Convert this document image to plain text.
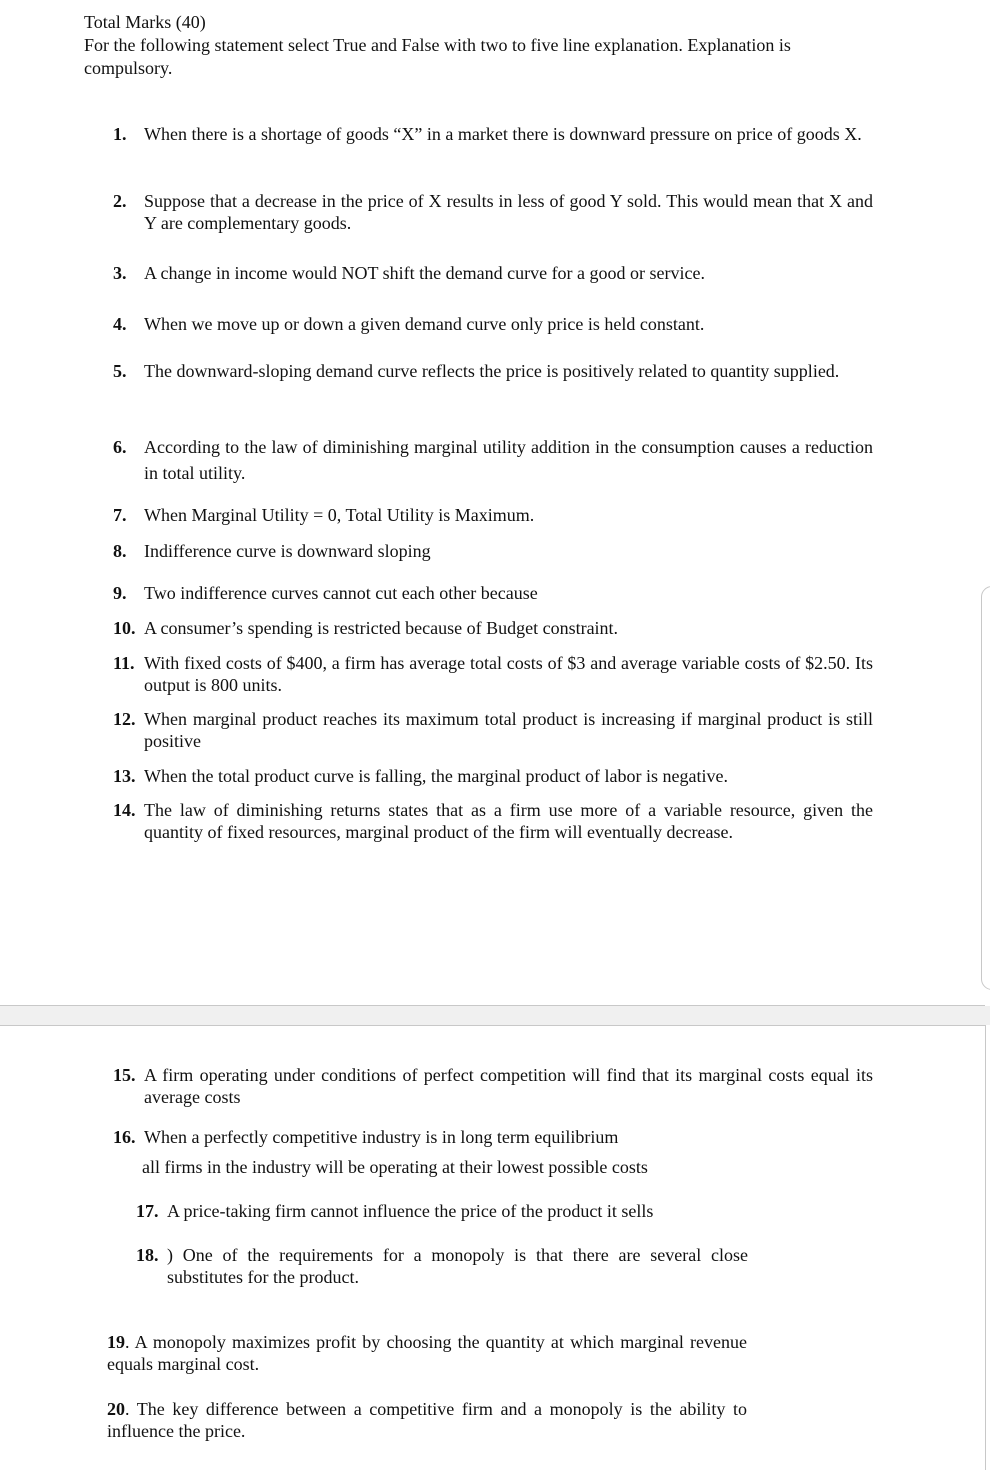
Total Marks (40)
For the following statement select True and False with two to five line explanation. Explanation is compulsory.
1. When there is a shortage of goods “X” in a market there is downward pressure on price of goods X.
2. Suppose that a decrease in the price of X results in less of good Y sold. This would mean that X and Y are complementary goods.
3. A change in income would NOT shift the demand curve for a good or service.
4. When we move up or down a given demand curve only price is held constant.
5. The downward-sloping demand curve reflects the price is positively related to quantity supplied.
6. According to the law of diminishing marginal utility addition in the consumption causes a reduction in total utility.
7. When Marginal Utility = 0, Total Utility is Maximum.
8. Indifference curve is downward sloping
9. Two indifference curves cannot cut each other because
10. A consumer’s spending is restricted because of Budget constraint.
11. With fixed costs of $400, a firm has average total costs of $3 and average variable costs of $2.50. Its output is 800 units.
12. When marginal product reaches its maximum total product is increasing if marginal product is still positive
13. When the total product curve is falling, the marginal product of labor is negative.
14. The law of diminishing returns states that as a firm use more of a variable resource, given the quantity of fixed resources, marginal product of the firm will eventually decrease.
15. A firm operating under conditions of perfect competition will find that its marginal costs equal its average costs
16. When a perfectly competitive industry is in long term equilibrium
all firms in the industry will be operating at their lowest possible costs
17. A price-taking firm cannot influence the price of the product it sells
18. ) One of the requirements for a monopoly is that there are several close substitutes for the product.
19. A monopoly maximizes profit by choosing the quantity at which marginal revenue equals marginal cost.
20. The key difference between a competitive firm and a monopoly is the ability to influence the price.
